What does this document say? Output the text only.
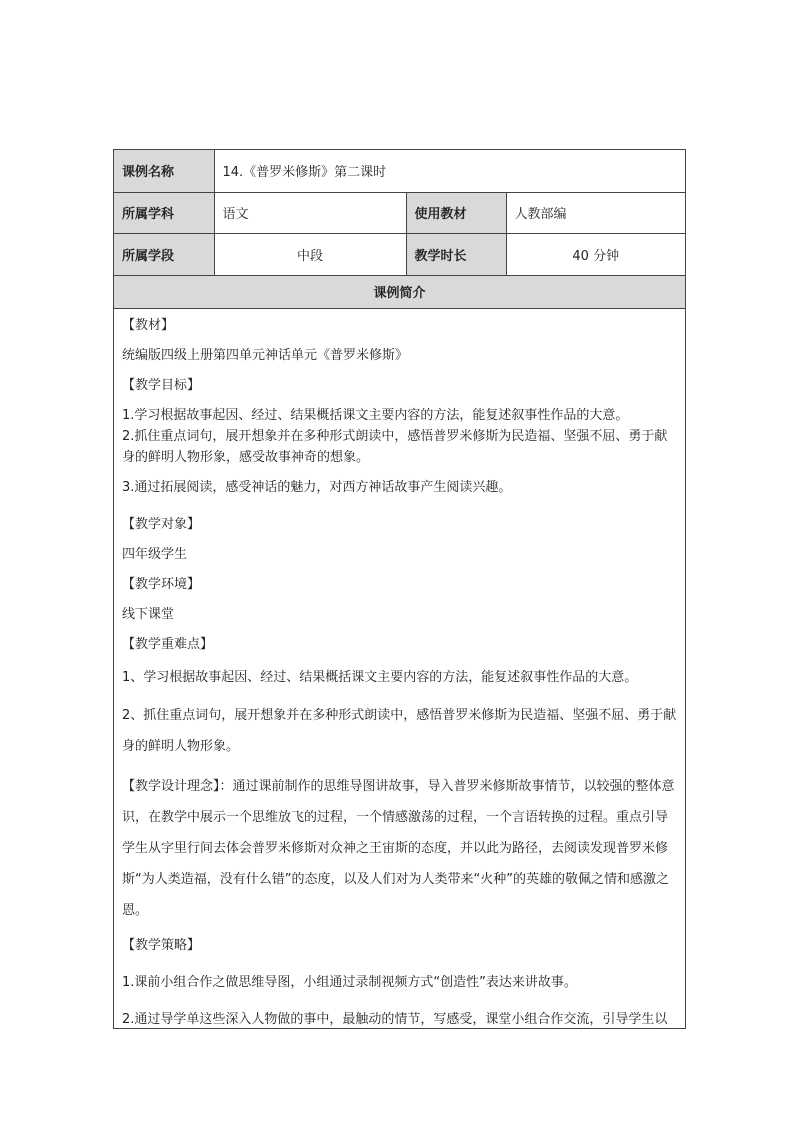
课例名称	14.《普罗米修斯》第二课时		
所属学科	语文	使用教材	人教部编
所属学段	中段	教学时长	40 分钟
课例简介			

【教材】

统编版四级上册第四单元神话单元《普罗米修斯》

【教学目标】

1.学习根据故事起因、经过、结果概括课文主要内容的方法，能复述叙事性作品的大意。

2.抓住重点词句，展开想象并在多种形式朗读中，感悟普罗米修斯为民造福、坚强不屈、勇于献身的鲜明人物形象，感受故事神奇的想象。

3.通过拓展阅读，感受神话的魅力，对西方神话故事产生阅读兴趣。

【教学对象】

四年级学生

【教学环境】

线下课堂

【教学重难点】

1、学习根据故事起因、经过、结果概括课文主要内容的方法，能复述叙事性作品的大意。

2、抓住重点词句，展开想象并在多种形式朗读中，感悟普罗米修斯为民造福、坚强不屈、勇于献身的鲜明人物形象。

【教学设计理念】：通过课前制作的思维导图讲故事，导入普罗米修斯故事情节，以较强的整体意识，在教学中展示一个思维放飞的过程，一个情感激荡的过程，一个言语转换的过程。重点引导学生从字里行间去体会普罗米修斯对众神之王宙斯的态度，并以此为路径，去阅读发现普罗米修斯“为人类造福，没有什么错”的态度，以及人们对为人类带来“火种”的英雄的敬佩之情和感激之恩。

【教学策略】

1.课前小组合作之做思维导图，小组通过录制视频方式“创造性”表达来讲故事。

2.通过导学单这些深入人物做的事中，最触动的情节，写感受，课堂小组合作交流，引导学生以
